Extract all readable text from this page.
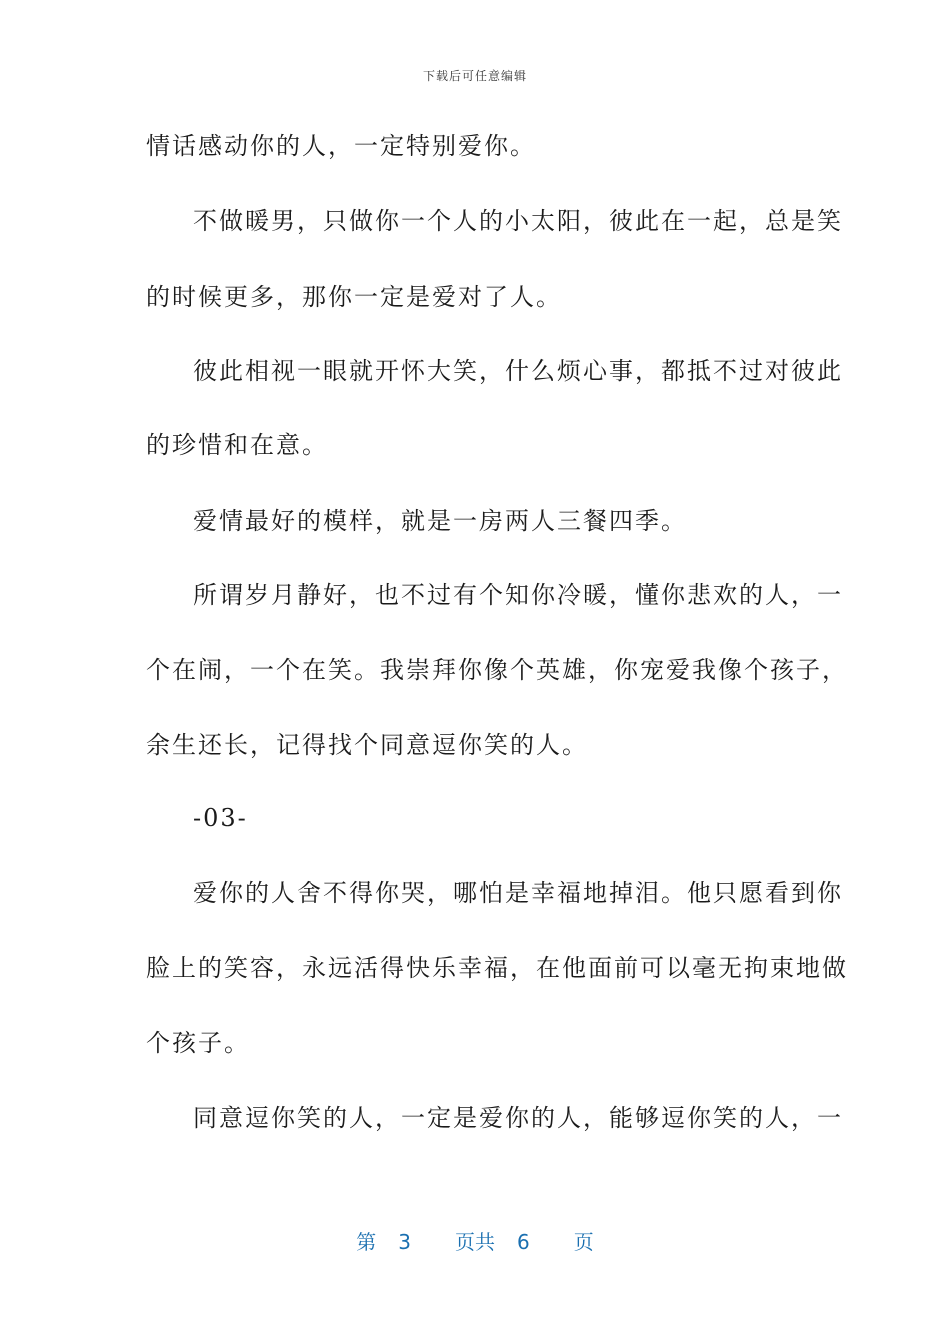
下载后可任意编辑
情话感动你的人，一定特别爱你。
不做暖男，只做你一个人的小太阳，彼此在一起，总是笑
的时候更多，那你一定是爱对了人。
彼此相视一眼就开怀大笑，什么烦心事，都抵不过对彼此
的珍惜和在意。
爱情最好的模样，就是一房两人三餐四季。
所谓岁月静好，也不过有个知你冷暖，懂你悲欢的人，一
个在闹，一个在笑。我崇拜你像个英雄，你宠爱我像个孩子，
余生还长，记得找个同意逗你笑的人。
-03-
爱你的人舍不得你哭，哪怕是幸福地掉泪。他只愿看到你
脸上的笑容，永远活得快乐幸福，在他面前可以毫无拘束地做
个孩子。
同意逗你笑的人，一定是爱你的人，能够逗你笑的人，一
第 3 页共 6 页
